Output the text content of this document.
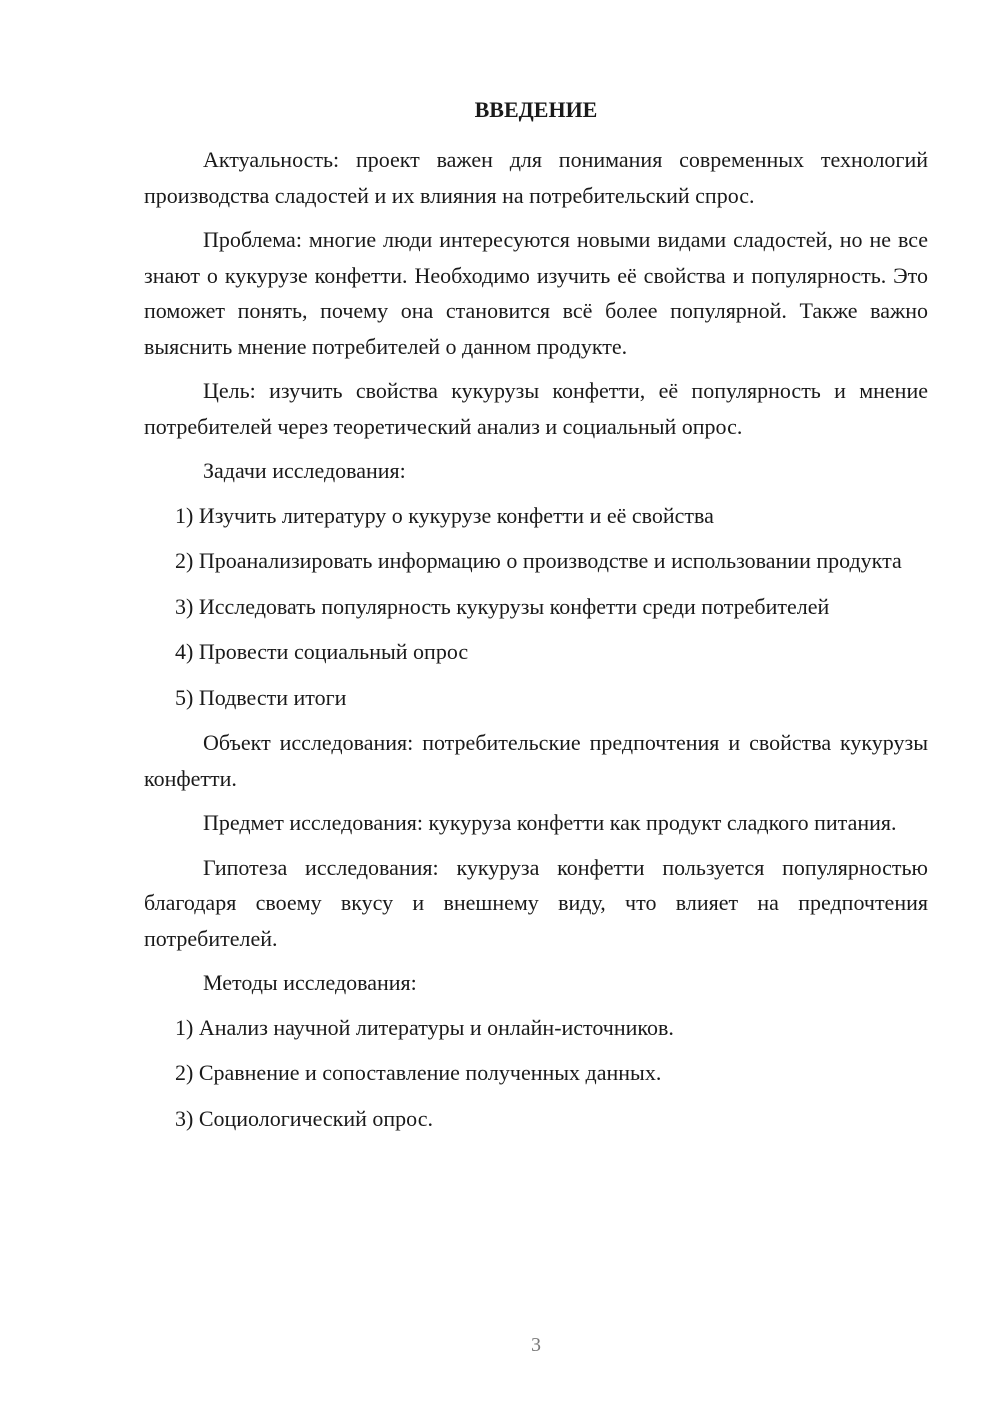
ВВЕДЕНИЕ

Актуальность: проект важен для понимания современных технологий производства сладостей и их влияния на потребительский спрос.

Проблема: многие люди интересуются новыми видами сладостей, но не все знают о кукурузе конфетти. Необходимо изучить её свойства и популярность. Это поможет понять, почему она становится всё более популярной. Также важно выяснить мнение потребителей о данном продукте.

Цель: изучить свойства кукурузы конфетти, её популярность и мнение потребителей через теоретический анализ и социальный опрос.

Задачи исследования:

1) Изучить литературу о кукурузе конфетти и её свойства

2) Проанализировать информацию о производстве и использовании продукта

3) Исследовать популярность кукурузы конфетти среди потребителей

4) Провести социальный опрос

5) Подвести итоги

Объект исследования: потребительские предпочтения и свойства кукурузы конфетти.

Предмет исследования: кукуруза конфетти как продукт сладкого питания.

Гипотеза исследования: кукуруза конфетти пользуется популярностью благодаря своему вкусу и внешнему виду, что влияет на предпочтения потребителей.

Методы исследования:

1) Анализ научной литературы и онлайн-источников.

2) Сравнение и сопоставление полученных данных.

3) Социологический опрос.

3
